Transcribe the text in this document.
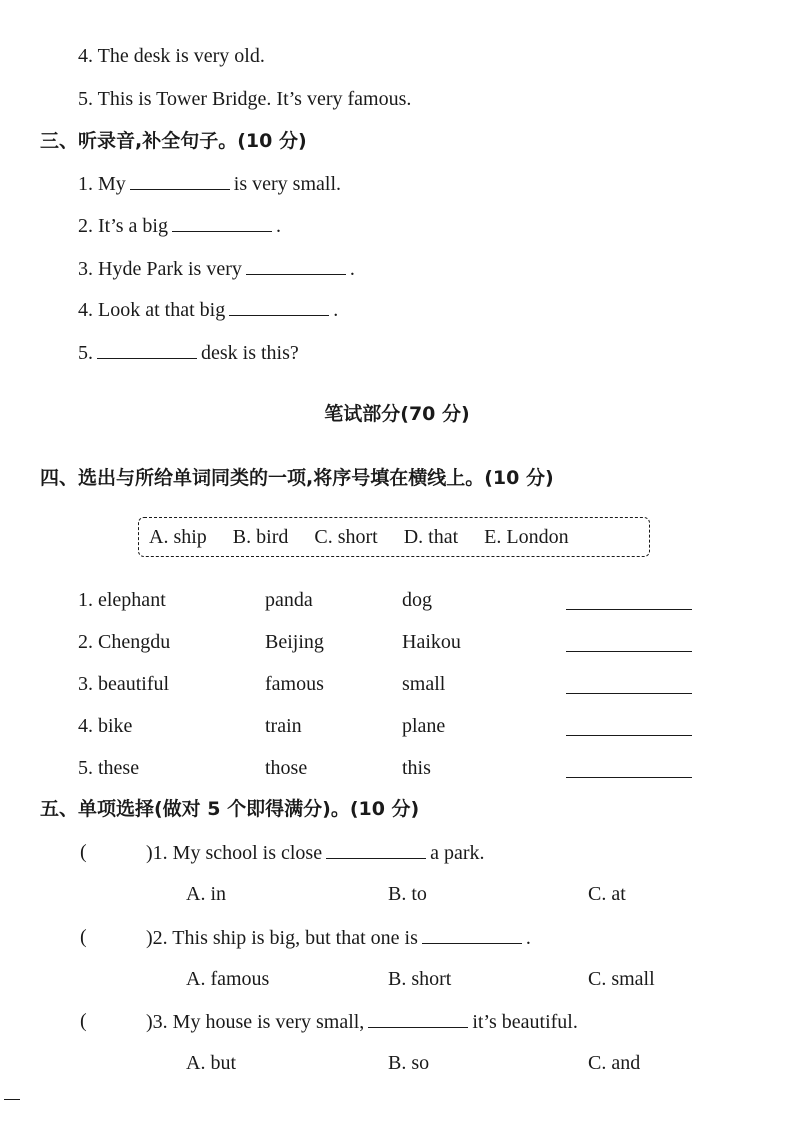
4. The desk is very old.
5. This is Tower Bridge. It’s very famous.
三、听录音,补全句子。(10 分)
1. My	is very small.
2. It’s a big	.
3. Hyde Park is very	.
4. Look at that big	.
5.	desk is this?
笔试部分(70 分)
四、选出与所给单词同类的一项,将序号填在横线上。(10 分)
A. ship B. bird C. short D. that E. London
1. elephant	panda	dog
2. Chengdu	Beijing	Haikou
3. beautiful	famous	small
4. bike	train	plane
5. these	those	this
五、单项选择(做对 5 个即得满分)。(10 分)
(	)1. My school is close	a park.
A. in	B. to	C. at
(	)2. This ship is big, but that one is	.
A. famous	B. short	C. small
(	)3. My house is very small,	it’s beautiful.
A. but	B. so	C. and
